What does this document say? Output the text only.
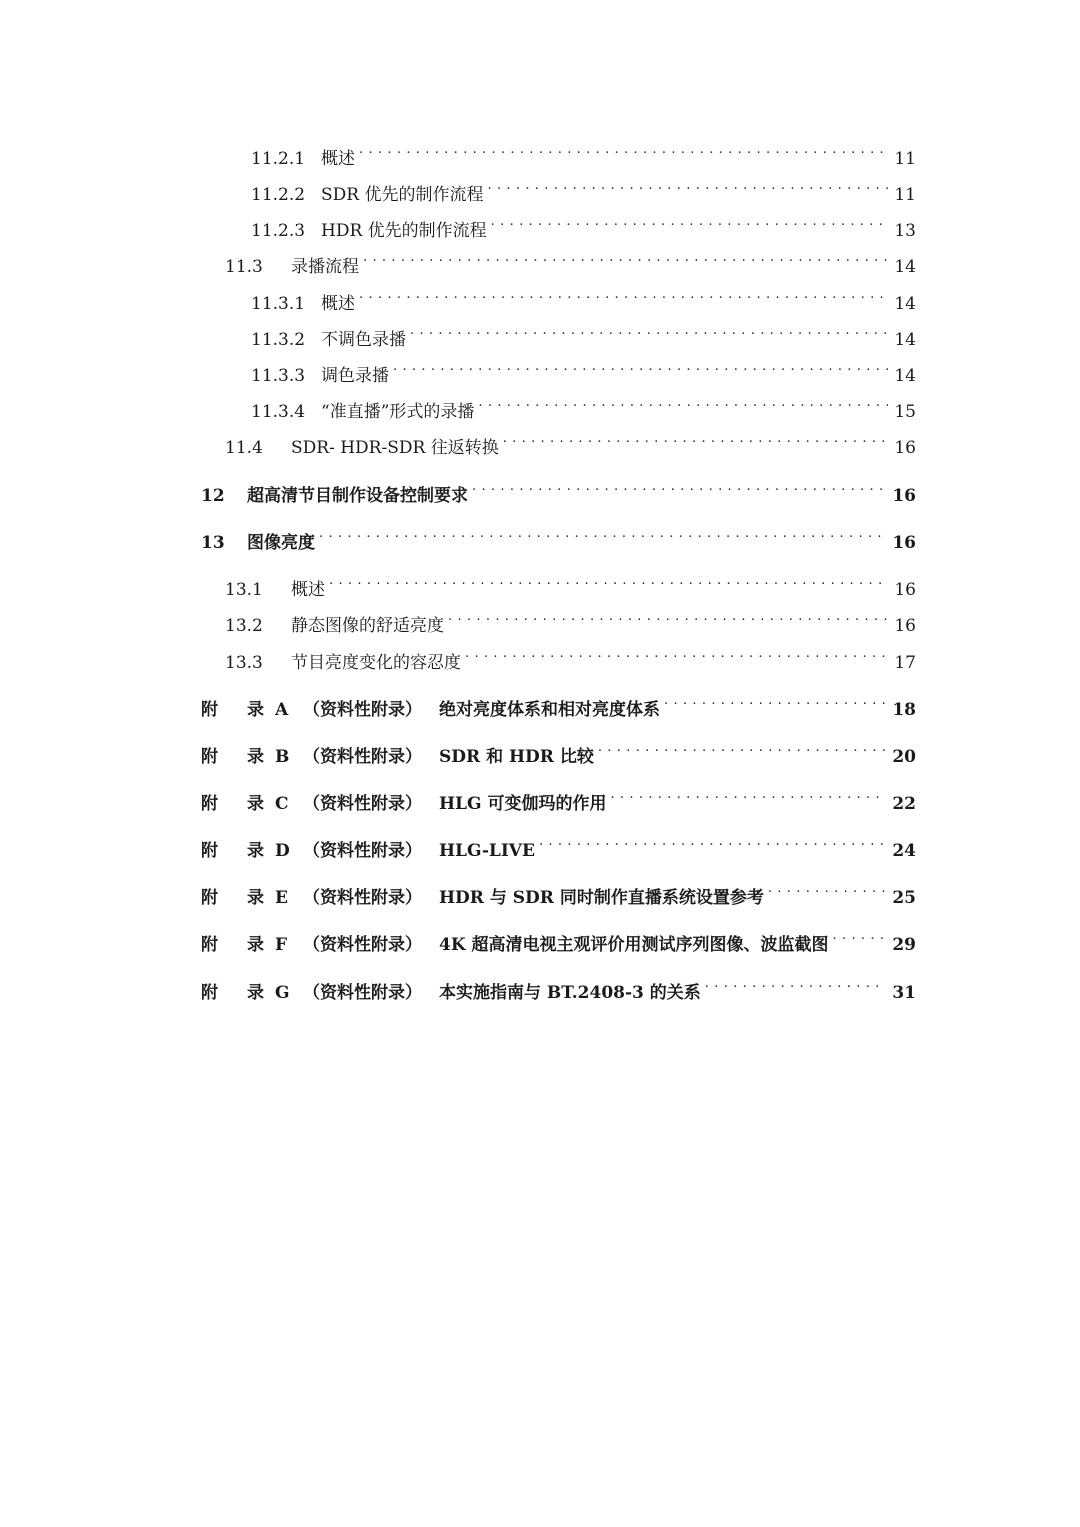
11.2.1 概述 . . .	11
11.2.2 SDR 优先的制作流程 . . .	11
11.2.3 HDR 优先的制作流程 . . .	13
11.3	录播流程 . . .	14
11.3.1 概述 . . .	14
11.3.2 不调色录播 . . .	14
11.3.3 调色录播 . . .	14
11.3.4 “准直播”形式的录播 . . .	15
11.4	SDR- HDR-SDR 往返转换 . . .	16
12	超高清节目制作设备控制要求 . . .	16
13	图像亮度 . . .	16
13.1	概述 . . .	16
13.2	静态图像的舒适亮度 . . .	16
13.3	节目亮度变化的容忍度 . . .	17
附 录 A （资料性附录）	绝对亮度体系和相对亮度体系 . . .	18
附 录 B （资料性附录）	SDR 和 HDR 比较 . . .	20
附 录 C （资料性附录）	HLG 可变伽玛的作用 . . .	22
附 录 D （资料性附录）	HLG-LIVE . . .	24
附 录 E （资料性附录）	HDR 与 SDR 同时制作直播系统设置参考 . . .	25
附 录 F （资料性附录）	4K 超高清电视主观评价用测试序列图像、波监截图 . . .	29
附 录 G （资料性附录）	本实施指南与 BT.2408-3 的关系 . . .	31
